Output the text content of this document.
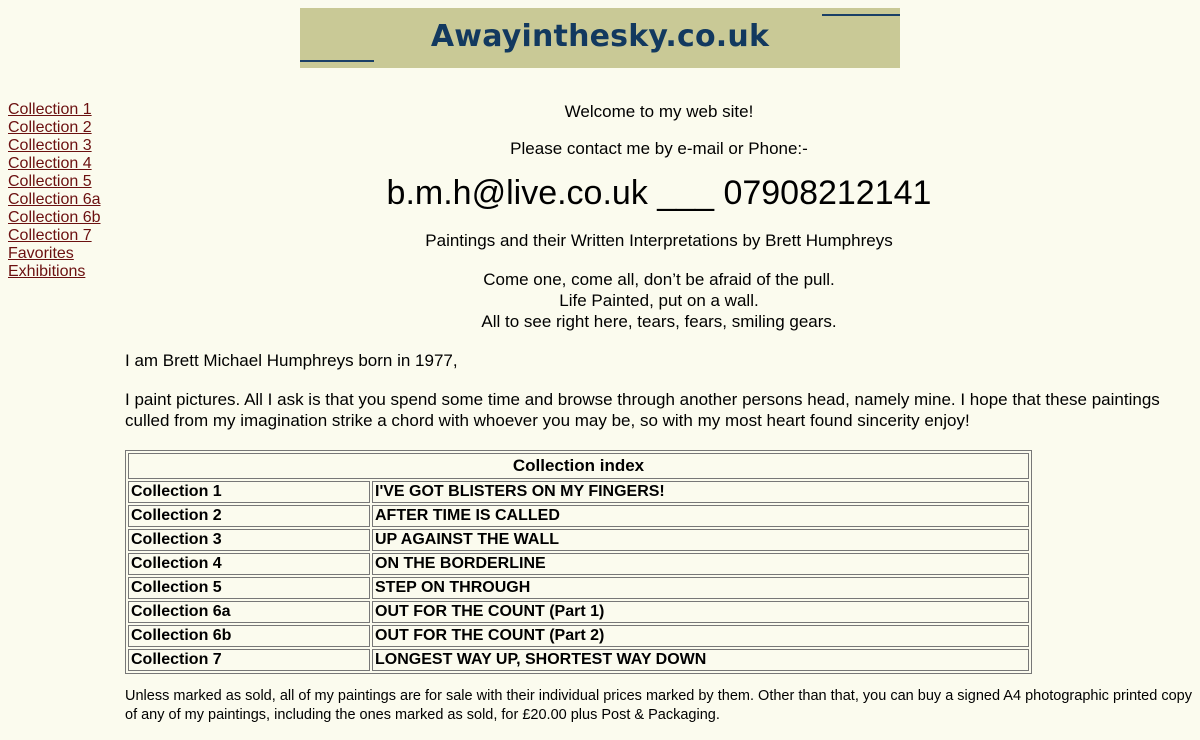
Awayinthesky.co.uk
Collection 1
Collection 2
Collection 3
Collection 4
Collection 5
Collection 6a
Collection 6b
Collection 7
Favorites
Exhibitions
Welcome to my web site!
Please contact me by e-mail or Phone:-
b.m.h@live.co.uk ___ 07908212141
Paintings and their Written Interpretations by Brett Humphreys
Come one, come all, don’t be afraid of the pull.
Life Painted, put on a wall.
All to see right here, tears, fears, smiling gears.
I am Brett Michael Humphreys born in 1977,
I paint pictures. All I ask is that you spend some time and browse through another persons head, namely mine. I hope that these paintings culled from my imagination strike a chord with whoever you may be, so with my most heart found sincerity enjoy!
Collection index	
Collection 1	I'VE GOT BLISTERS ON MY FINGERS!
Collection 2	AFTER TIME IS CALLED
Collection 3	UP AGAINST THE WALL
Collection 4	ON THE BORDERLINE
Collection 5	STEP ON THROUGH
Collection 6a	OUT FOR THE COUNT (Part 1)
Collection 6b	OUT FOR THE COUNT (Part 2)
Collection 7	LONGEST WAY UP, SHORTEST WAY DOWN
Unless marked as sold, all of my paintings are for sale with their individual prices marked by them. Other than that, you can buy a signed A4 photographic printed copy of any of my paintings, including the ones marked as sold, for £20.00 plus Post & Packaging.
